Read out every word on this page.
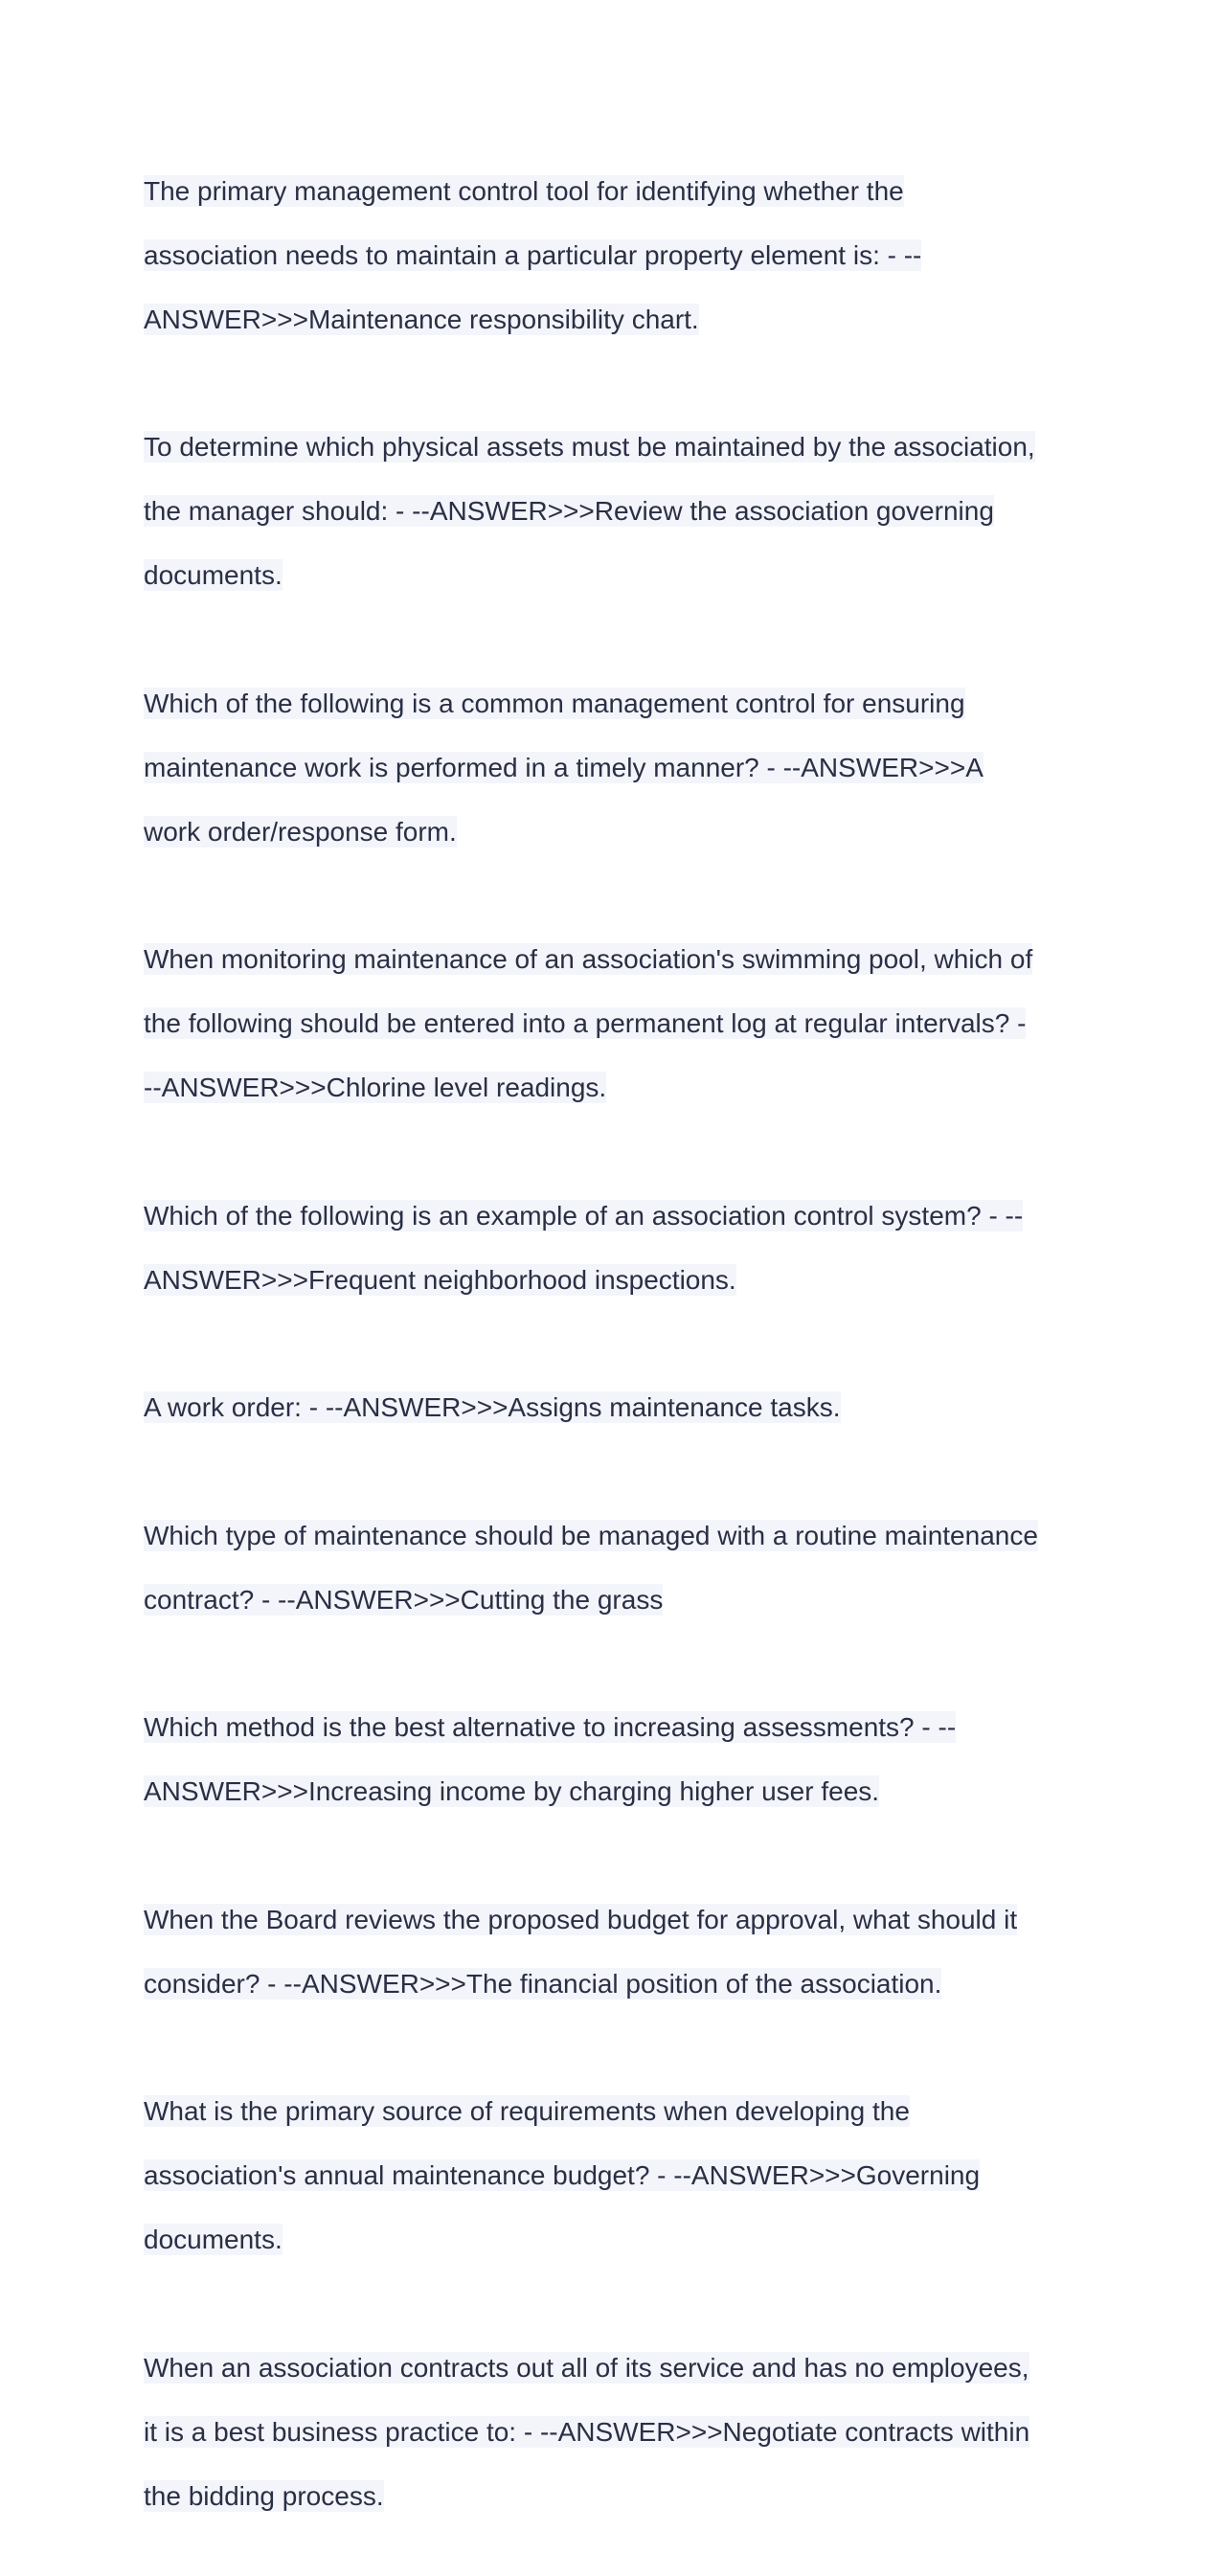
The primary management control tool for identifying whether the

association needs to maintain a particular property element is: - --

ANSWER>>>Maintenance responsibility chart.

To determine which physical assets must be maintained by the association,

the manager should: - --ANSWER>>>Review the association governing

documents.

Which of the following is a common management control for ensuring

maintenance work is performed in a timely manner? - --ANSWER>>>A

work order/response form.

When monitoring maintenance of an association's swimming pool, which of

the following should be entered into a permanent log at regular intervals? -

--ANSWER>>>Chlorine level readings.

Which of the following is an example of an association control system? - --

ANSWER>>>Frequent neighborhood inspections.

A work order: - --ANSWER>>>Assigns maintenance tasks.

Which type of maintenance should be managed with a routine maintenance

contract? - --ANSWER>>>Cutting the grass

Which method is the best alternative to increasing assessments? - --

ANSWER>>>Increasing income by charging higher user fees.

When the Board reviews the proposed budget for approval, what should it

consider? - --ANSWER>>>The financial position of the association.

What is the primary source of requirements when developing the

association's annual maintenance budget? - --ANSWER>>>Governing

documents.

When an association contracts out all of its service and has no employees,

it is a best business practice to: - --ANSWER>>>Negotiate contracts within

the bidding process.
